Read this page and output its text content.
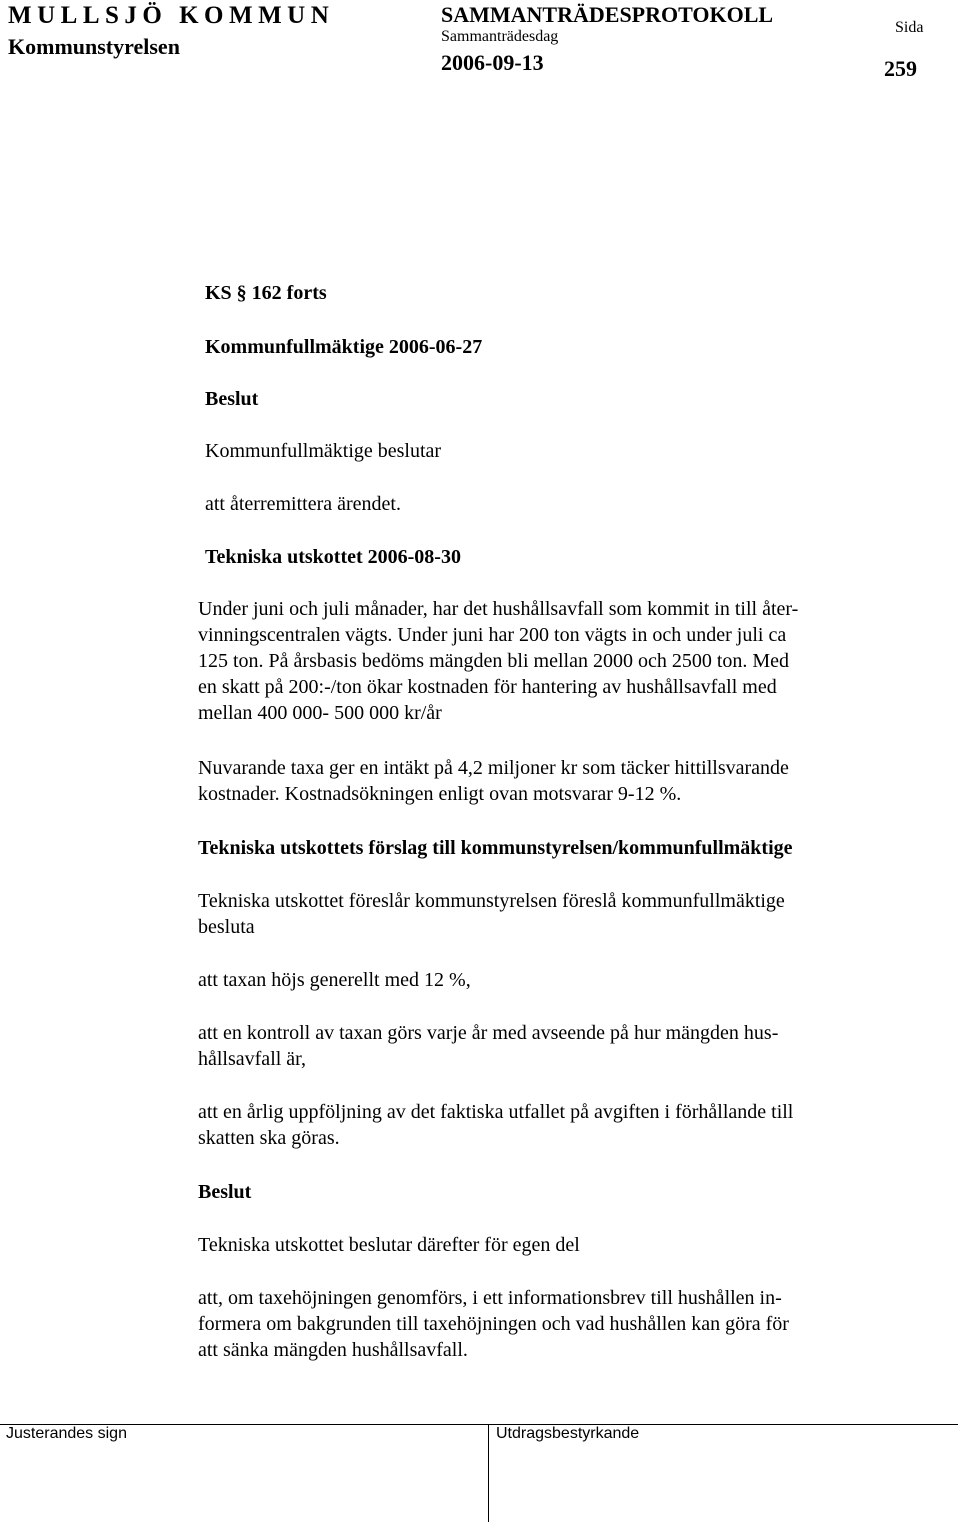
MULLSJÖ KOMMUN
Kommunstyrelsen
SAMMANTRÄDESPROTOKOLL
Sammanträdesdag
2006-09-13
Sida
259
KS § 162 forts
Kommunfullmäktige 2006-06-27
Beslut
Kommunfullmäktige beslutar
att återremittera ärendet.
Tekniska utskottet 2006-08-30
Under juni och juli månader, har det hushållsavfall som kommit in till åter-
vinningscentralen vägts. Under juni har 200 ton vägts in och under juli ca
125 ton. På årsbasis bedöms mängden bli mellan 2000 och 2500 ton. Med
en skatt på 200:-/ton ökar kostnaden för hantering av hushållsavfall med
mellan 400 000- 500 000 kr/år
Nuvarande taxa ger en intäkt på 4,2 miljoner kr som täcker hittillsvarande
kostnader. Kostnadsökningen enligt ovan motsvarar 9-12 %.
Tekniska utskottets förslag till kommunstyrelsen/kommunfullmäktige
Tekniska utskottet föreslår kommunstyrelsen föreslå kommunfullmäktige
besluta
att taxan höjs generellt med 12 %,
att en kontroll av taxan görs varje år med avseende på hur mängden hus-
hållsavfall är,
att en årlig uppföljning av det faktiska utfallet på avgiften i förhållande till
skatten ska göras.
Beslut
Tekniska utskottet beslutar därefter för egen del
att, om taxehöjningen genomförs, i ett informationsbrev till hushållen in-
formera om bakgrunden till taxehöjningen och vad hushållen kan göra för
att sänka mängden hushållsavfall.
Justerandes sign	Utdragsbestyrkande
